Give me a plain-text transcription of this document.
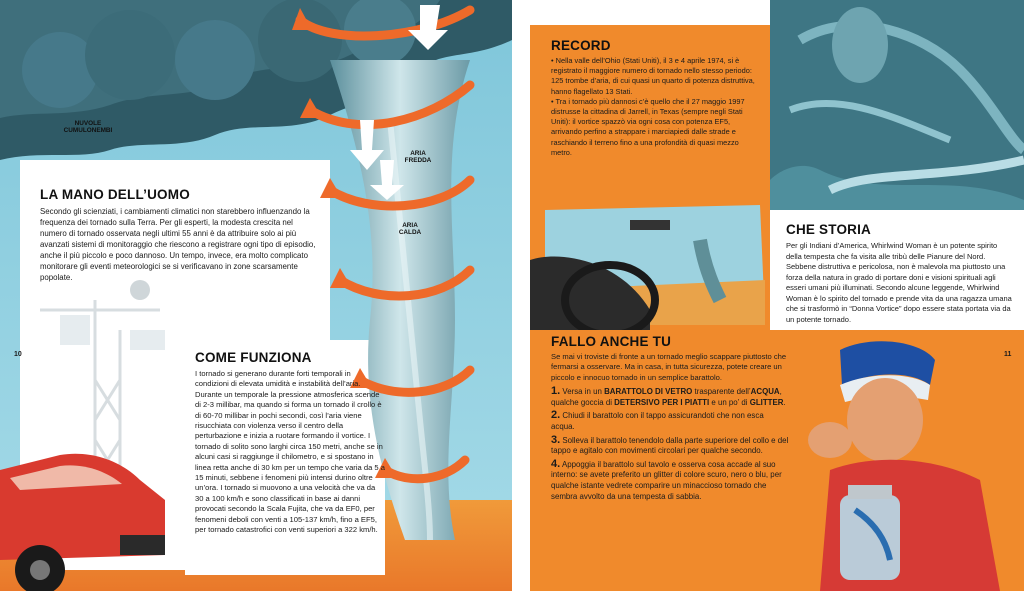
NUVOLE
CUMULONEMBI
ARIA
FREDDA
ARIA
CALDA
LA MANO DELL’UOMO

Secondo gli scienziati, i cambiamenti climatici non starebbero influenzando la frequenza dei tornado sulla Terra. Per gli esperti, la modesta crescita nel numero di tornado osservata negli ultimi 55 anni è da attribuire solo ai più avanzati sistemi di monitoraggio che riescono a registrare ogni tipo di episodio, anche il più piccolo e poco dannoso. Un tempo, invece, era molto complicato monitorare gli eventi meteorologici se si verificavano in zone scarsamente popolate.

COME FUNZIONA

I tornado si generano durante forti temporali in condizioni di elevata umidità e instabilità dell’aria. Durante un temporale la pressione atmosferica scende di 2-3 millibar, ma quando si forma un tornado il crollo è di 60-70 millibar in pochi secondi, così l’aria viene risucchiata con violenza verso il centro della perturbazione e inizia a ruotare formando il vortice. I tornado di solito sono larghi circa 150 metri, anche se in alcuni casi si raggiunge il chilometro, e si spostano in linea retta anche di 30 km per un tempo che varia da 5 a 15 minuti, sebbene i fenomeni più intensi durino oltre un’ora. I tornado si muovono a una velocità che va da 30 a 100 km/h e sono classificati in base ai danni provocati secondo la Scala Fujita, che va da EF0, per fenomeni deboli con venti a 105-137 km/h, fino a EF5, per tornado catastrofici con venti superiori a 322 km/h.

10	11
RECORD

• Nella valle dell’Ohio (Stati Uniti), il 3 e 4 aprile 1974, si è registrato il maggiore numero di tornado nello stesso periodo: 125 trombe d’aria, di cui quasi un quarto di potenza distruttiva, hanno flagellato 13 Stati.

• Tra i tornado più dannosi c’è quello che il 27 maggio 1997 distrusse la cittadina di Jarrell, in Texas (sempre negli Stati Uniti): il vortice spazzò via ogni cosa con potenza EF5, arrivando perfino a strappare i marciapiedi dalle strade e raschiando il terreno fino a una profondità di quasi mezzo metro.

CHE STORIA

Per gli Indiani d’America, Whirlwind Woman è un potente spirito della tempesta che fa visita alle tribù delle Pianure del Nord. Sebbene distruttiva e pericolosa, non è malevola ma piuttosto una forza della natura in grado di portare doni e visioni spirituali agli esseri umani più illuminati. Secondo alcune leggende, Whirlwind Woman è lo spirito del tornado e prende vita da una ragazza umana che si trasformò in “Donna Vortice” dopo essere stata portata via da un potente tornado.

FALLO ANCHE TU

Se mai vi troviste di fronte a un tornado meglio scappare piuttosto che fermarsi a osservare. Ma in casa, in tutta sicurezza, potete creare un piccolo e innocuo tornado in un semplice barattolo.

1. Versa in un BARATTOLO DI VETRO trasparente dell’ACQUA, qualche goccia di DETERSIVO PER I PIATTI e un po’ di GLITTER.

2. Chiudi il barattolo con il tappo assicurandoti che non esca acqua.

3. Solleva il barattolo tenendolo dalla parte superiore del collo e del tappo e agitalo con movimenti circolari per qualche secondo.

4. Appoggia il barattolo sul tavolo e osserva cosa accade al suo interno: se avete preferito un glitter di colore scuro, nero o blu, per qualche istante vedrete comparire un minaccioso tornado che sembra avvolto da una tempesta di sabbia.
